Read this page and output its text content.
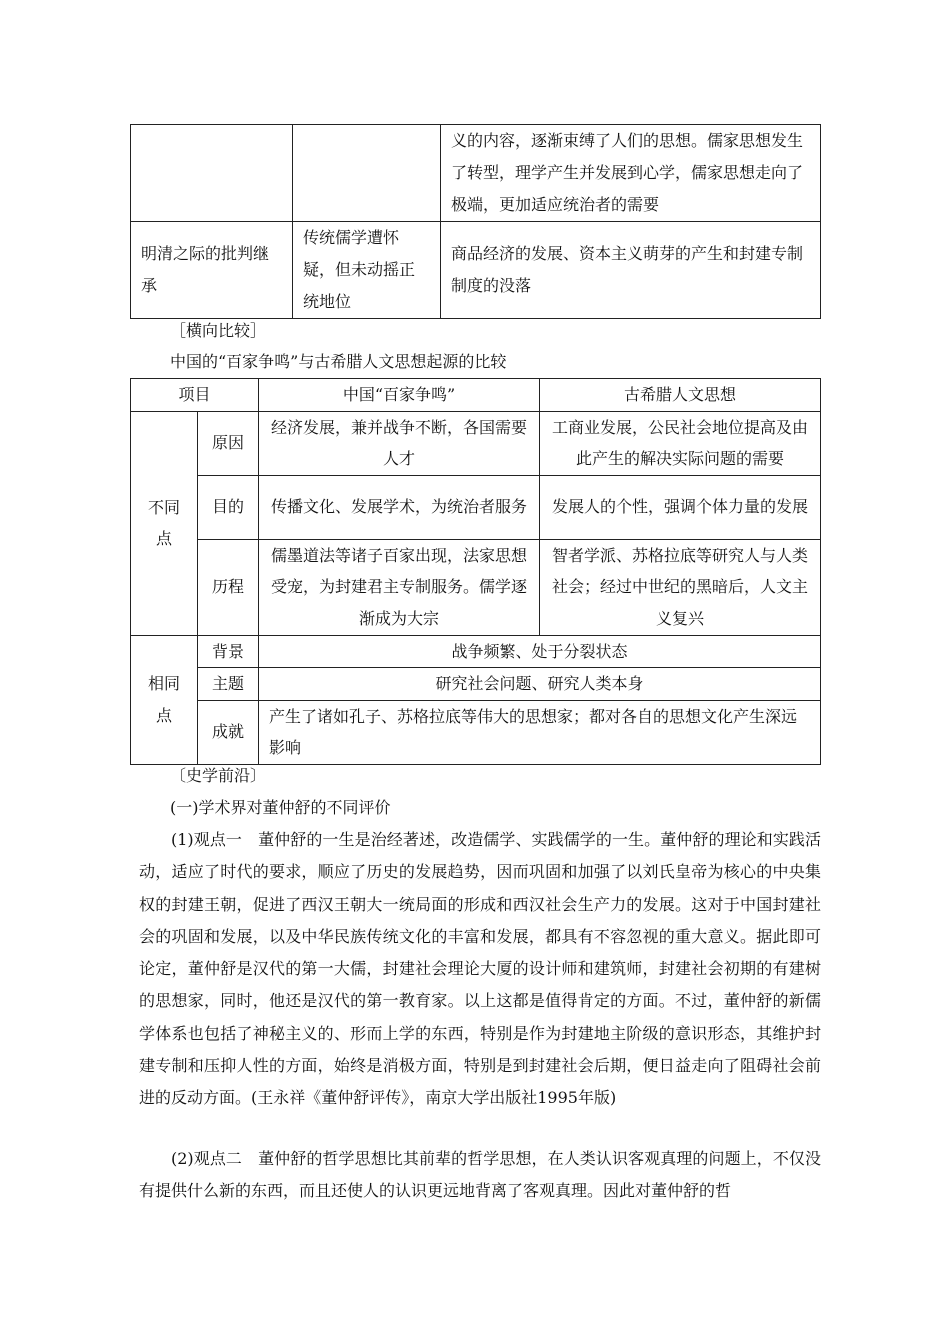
		义的内容，逐渐束缚了人们的思想。儒家思想发生了转型，理学产生并发展到心学，儒家思想走向了极端，更加适应统治者的需要
明清之际的批判继承	传统儒学遭怀疑，但未动摇正统地位	商品经济的发展、资本主义萌芽的产生和封建专制制度的没落
［横向比较］
中国的“百家争鸣”与古希腊人文思想起源的比较
项目		中国“百家争鸣”	古希腊人文思想
不同点	原因	经济发展，兼并战争不断，各国需要人才	工商业发展，公民社会地位提高及由此产生的解决实际问题的需要
	目的	传播文化、发展学术，为统治者服务	发展人的个性，强调个体力量的发展
	历程	儒墨道法等诸子百家出现，法家思想受宠，为封建君主专制服务。儒学逐渐成为大宗	智者学派、苏格拉底等研究人与人类社会；经过中世纪的黑暗后，人文主义复兴
相同点	背景	战争频繁、处于分裂状态	
	主题	研究社会问题、研究人类本身	
	成就	产生了诸如孔子、苏格拉底等伟大的思想家；都对各自的思想文化产生深远影响	
〔史学前沿〕
(一)学术界对董仲舒的不同评价
(1)观点一　董仲舒的一生是治经著述，改造儒学、实践儒学的一生。董仲舒的理论和实践活动，适应了时代的要求，顺应了历史的发展趋势，因而巩固和加强了以刘氏皇帝为核心的中央集权的封建王朝，促进了西汉王朝大一统局面的形成和西汉社会生产力的发展。这对于中国封建社会的巩固和发展，以及中华民族传统文化的丰富和发展，都具有不容忽视的重大意义。据此即可论定，董仲舒是汉代的第一大儒，封建社会理论大厦的设计师和建筑师，封建社会初期的有建树的思想家，同时，他还是汉代的第一教育家。以上这都是值得肯定的方面。不过，董仲舒的新儒学体系也包括了神秘主义的、形而上学的东西，特别是作为封建地主阶级的意识形态，其维护封建专制和压抑人性的方面，始终是消极方面，特别是到封建社会后期，便日益走向了阻碍社会前进的反动方面。(王永祥《董仲舒评传》，南京大学出版社1995年版)
(2)观点二　董仲舒的哲学思想比其前辈的哲学思想，在人类认识客观真理的问题上，不仅没有提供什么新的东西，而且还使人的认识更远地背离了客观真理。因此对董仲舒的哲
